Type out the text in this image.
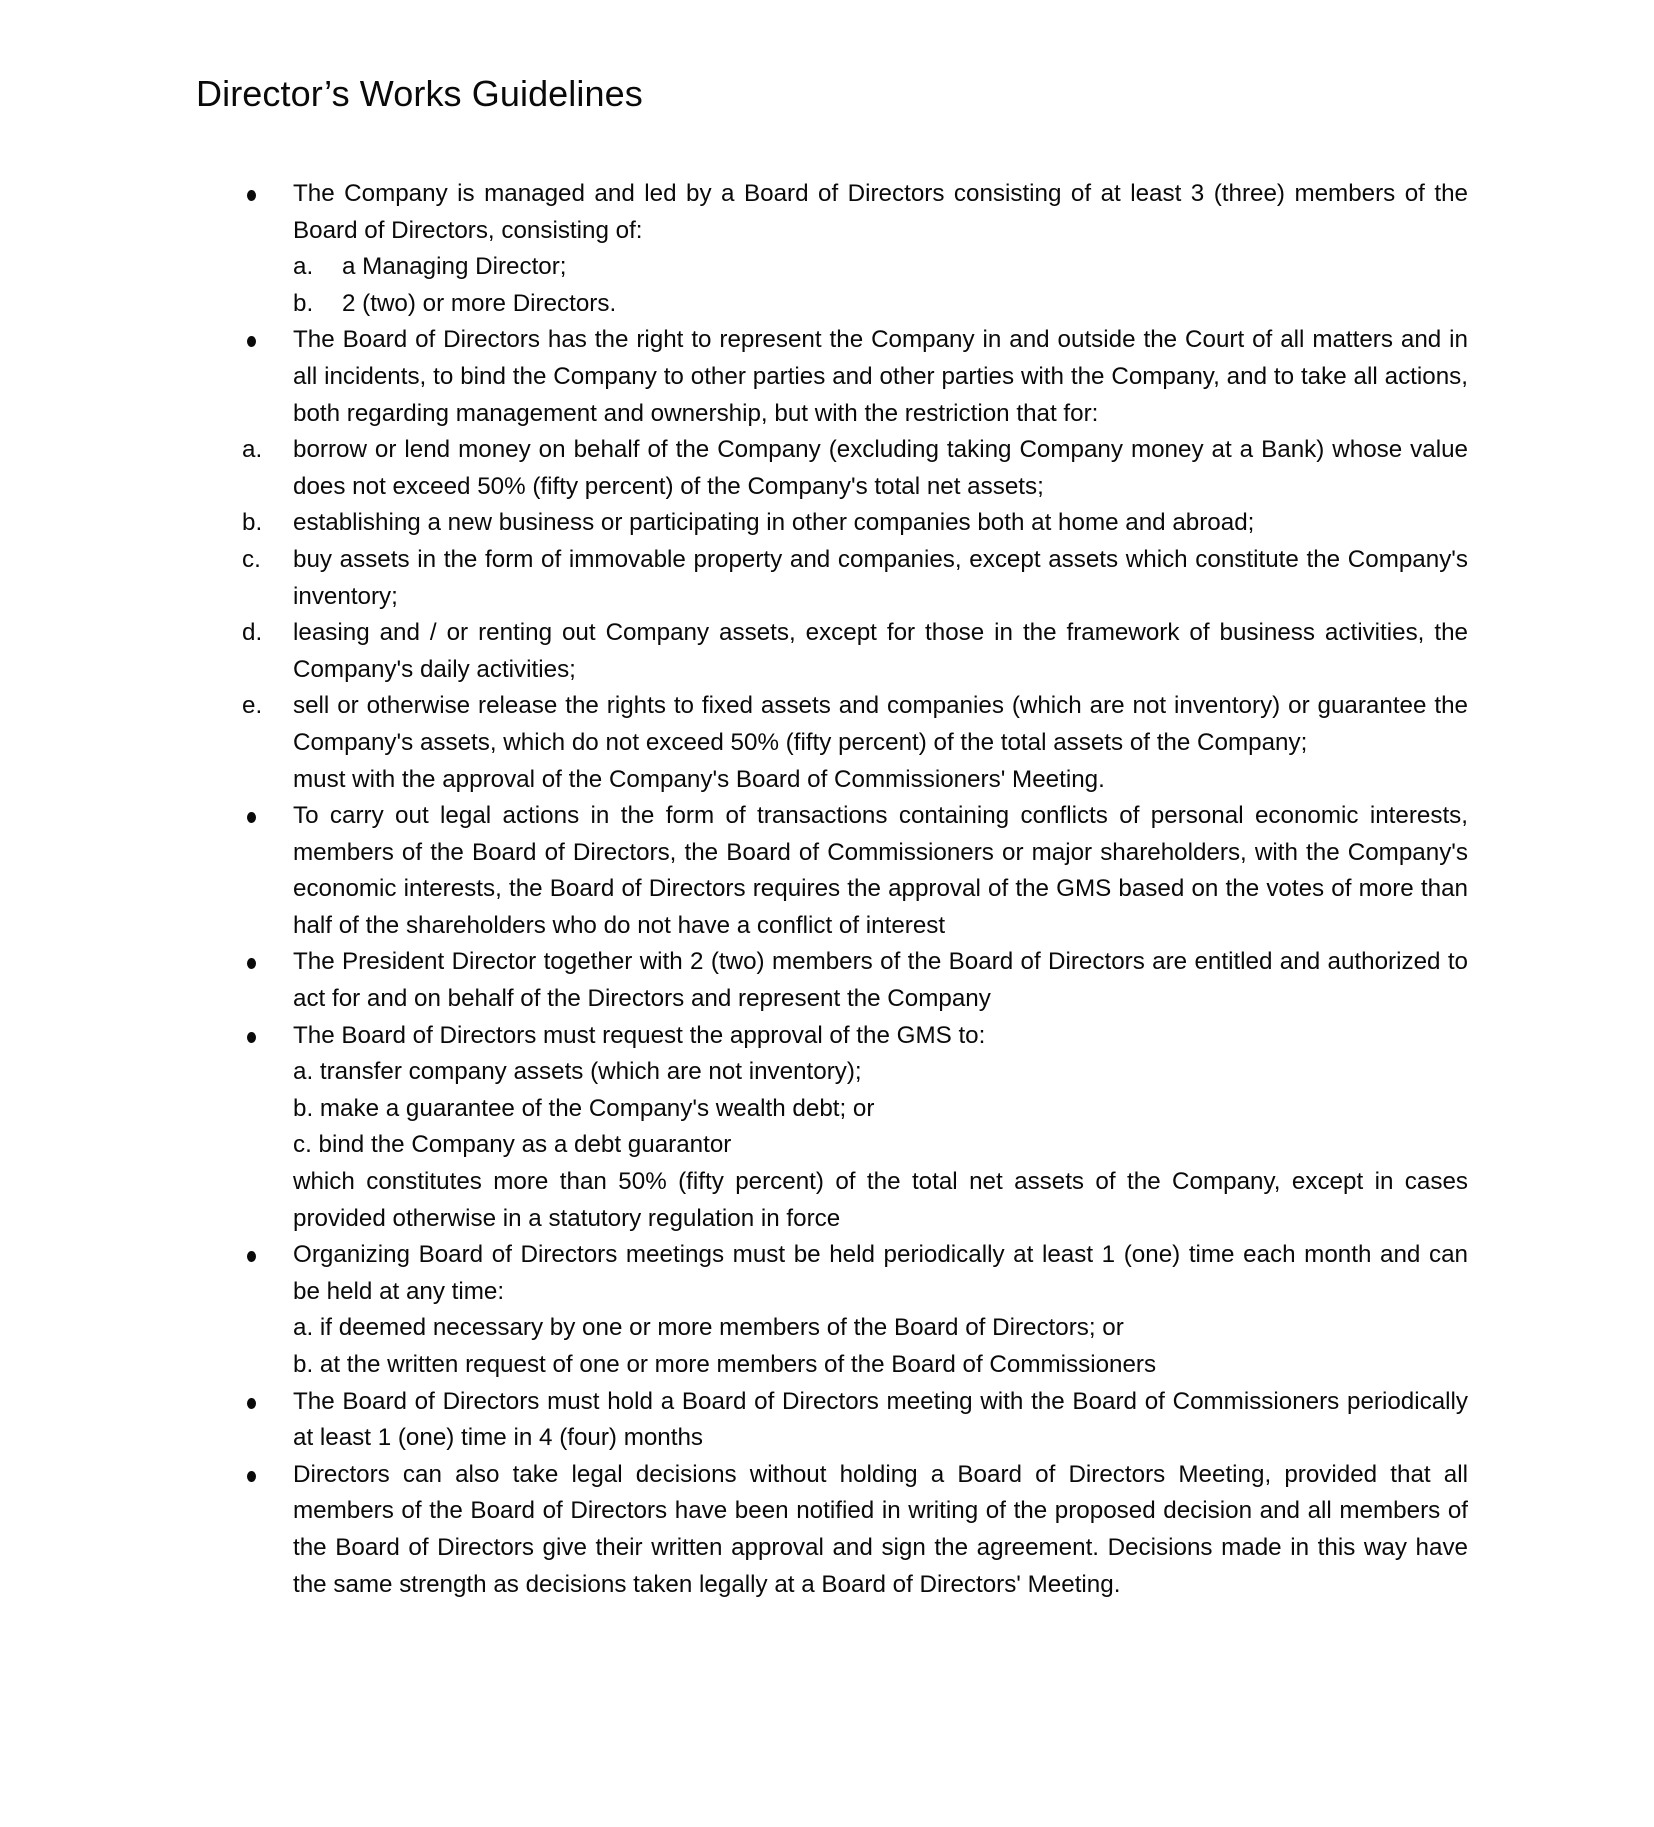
Director’s Works Guidelines
The Company is managed and led by a Board of Directors consisting of at least 3 (three) members of the Board of Directors, consisting of:
a. a Managing Director;
b. 2 (two) or more Directors.
The Board of Directors has the right to represent the Company in and outside the Court of all matters and in all incidents, to bind the Company to other parties and other parties with the Company, and to take all actions, both regarding management and ownership, but with the restriction that for:
a.	borrow or lend money on behalf of the Company (excluding taking Company money at a Bank) whose value does not exceed 50% (fifty percent) of the Company's total net assets;
b.	establishing a new business or participating in other companies both at home and abroad;
c.	buy assets in the form of immovable property and companies, except assets which constitute the Company's inventory;
d.	leasing and / or renting out Company assets, except for those in the framework of business activities, the Company's daily activities;
e.	sell or otherwise release the rights to fixed assets and companies (which are not inventory) or guarantee the Company's assets, which do not exceed 50% (fifty percent) of the total assets of the Company;
must with the approval of the Company's Board of Commissioners' Meeting.
To carry out legal actions in the form of transactions containing conflicts of personal economic interests, members of the Board of Directors, the Board of Commissioners or major shareholders, with the Company's economic interests, the Board of Directors requires the approval of the GMS based on the votes of more than half of the shareholders who do not have a conflict of interest
The President Director together with 2 (two) members of the Board of Directors are entitled and authorized to act for and on behalf of the Directors and represent the Company
The Board of Directors must request the approval of the GMS to:
a. transfer company assets (which are not inventory);
b. make a guarantee of the Company's wealth debt; or
c. bind the Company as a debt guarantor
which constitutes more than 50% (fifty percent) of the total net assets of the Company, except in cases provided otherwise in a statutory regulation in force
Organizing Board of Directors meetings must be held periodically at least 1 (one) time each month and can be held at any time:
a. if deemed necessary by one or more members of the Board of Directors; or
b. at the written request of one or more members of the Board of Commissioners
The Board of Directors must hold a Board of Directors meeting with the Board of Commissioners periodically at least 1 (one) time in 4 (four) months
Directors can also take legal decisions without holding a Board of Directors Meeting, provided that all members of the Board of Directors have been notified in writing of the proposed decision and all members of the Board of Directors give their written approval and sign the agreement. Decisions made in this way have the same strength as decisions taken legally at a Board of Directors' Meeting.
